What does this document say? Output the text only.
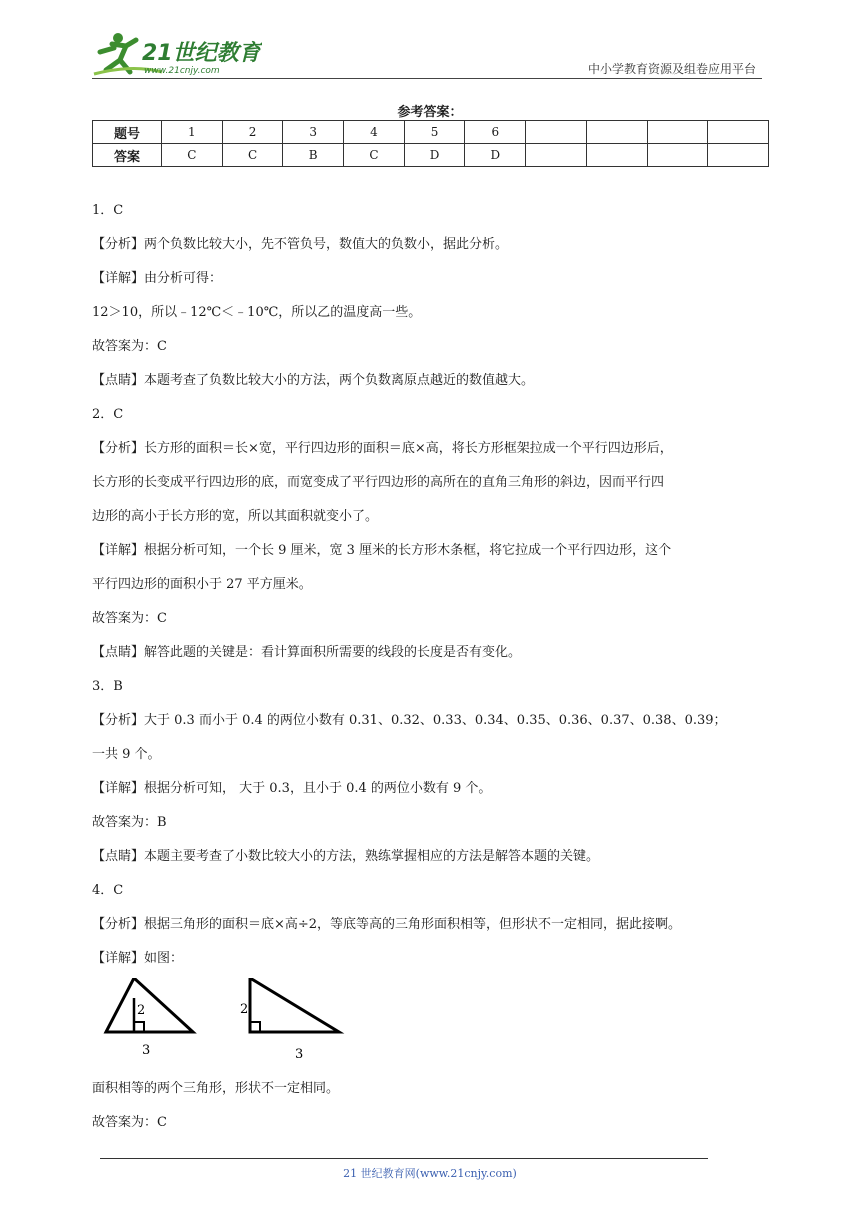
21世纪教育
www.21cnjy.com	中小学教育资源及组卷应用平台
参考答案：
题号	1	2	3	4	5	6				
答案	C	C	B	C	D	D				

1．C

【分析】两个负数比较大小，先不管负号，数值大的负数小，据此分析。

【详解】由分析可得：

12＞10，所以﹣12℃＜﹣10℃，所以乙的温度高一些。

故答案为：C

【点睛】本题考查了负数比较大小的方法，两个负数离原点越近的数值越大。

2．C

【分析】长方形的面积＝长×宽，平行四边形的面积＝底×高，将长方形框架拉成一个平行四边形后，

长方形的长变成平行四边形的底，而宽变成了平行四边形的高所在的直角三角形的斜边，因而平行四

边形的高小于长方形的宽，所以其面积就变小了。

【详解】根据分析可知，一个长 9 厘米，宽 3 厘米的长方形木条框，将它拉成一个平行四边形，这个

平行四边形的面积小于 27 平方厘米。

故答案为：C

【点睛】解答此题的关键是：看计算面积所需要的线段的长度是否有变化。

3．B

【分析】大于 0.3 而小于 0.4 的两位小数有 0.31、0.32、0.33、0.34、0.35、0.36、0.37、0.38、0.39；

一共 9 个。

【详解】根据分析可知， 大于 0.3，且小于 0.4 的两位小数有 9 个。

故答案为：B

【点睛】本题主要考查了小数比较大小的方法，熟练掌握相应的方法是解答本题的关键。

4．C

【分析】根据三角形的面积＝底×高÷2，等底等高的三角形面积相等，但形状不一定相同，据此接啊。

【详解】如图：

2
3
2
3

面积相等的两个三角形，形状不一定相同。

故答案为：C

21 世纪教育网(www.21cnjy.com)
